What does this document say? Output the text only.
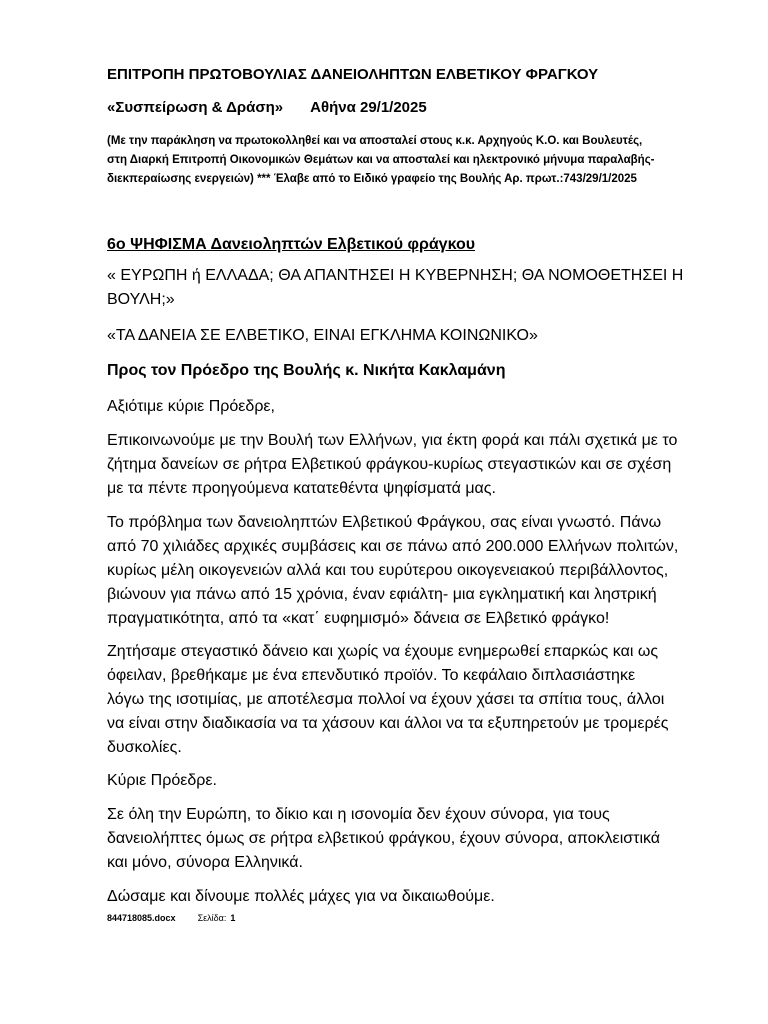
ΕΠΙΤΡΟΠΗ ΠΡΩΤΟΒΟΥΛΙΑΣ ΔΑΝΕΙΟΛΗΠΤΩΝ ΕΛΒΕΤΙΚΟΥ ΦΡΑΓΚΟΥ

«Συσπείρωση & Δράση» Αθήνα 29/1/2025

(Με την παράκληση να πρωτοκολληθεί και να αποσταλεί στους κ.κ. Αρχηγούς Κ.Ο. και Βουλευτές,
στη Διαρκή Επιτροπή Οικονομικών Θεμάτων και να αποσταλεί και ηλεκτρονικό μήνυμα παραλαβής-
διεκπεραίωσης ενεργειών) *** Έλαβε από το Ειδικό γραφείο της Βουλής Αρ. πρωτ.:743/29/1/2025

6ο ΨΗΦΙΣΜΑ Δανειοληπτών Ελβετικού φράγκου

« ΕΥΡΩΠΗ ή ΕΛΛΑΔΑ; ΘΑ ΑΠΑΝΤΗΣΕΙ Η ΚΥΒΕΡΝΗΣΗ; ΘΑ ΝΟΜΟΘΕΤΗΣΕΙ Η
ΒΟΥΛΗ;»
«ΤΑ ΔΑΝΕΙΑ ΣΕ ΕΛΒΕΤΙΚΟ, ΕΙΝΑΙ ΕΓΚΛΗΜΑ ΚΟΙΝΩΝΙΚΟ»
Προς τον Πρόεδρο της Βουλής κ. Νικήτα Κακλαμάνη
Αξιότιμε κύριε Πρόεδρε,
Επικοινωνούμε με την Βουλή των Ελλήνων, για έκτη φορά και πάλι σχετικά με το
ζήτημα δανείων σε ρήτρα Ελβετικού φράγκου-κυρίως στεγαστικών και σε σχέση
με τα πέντε προηγούμενα κατατεθέντα ψηφίσματά μας.
Το πρόβλημα των δανειοληπτών Ελβετικού Φράγκου, σας είναι γνωστό. Πάνω
από 70 χιλιάδες αρχικές συμβάσεις και σε πάνω από 200.000 Ελλήνων πολιτών,
κυρίως μέλη οικογενειών αλλά και του ευρύτερου οικογενειακού περιβάλλοντος,
βιώνουν για πάνω από 15 χρόνια, έναν εφιάλτη- μια εγκληματική και ληστρική
πραγματικότητα, από τα «κατ΄ ευφημισμό» δάνεια σε Ελβετικό φράγκο!
Ζητήσαμε στεγαστικό δάνειο και χωρίς να έχουμε ενημερωθεί επαρκώς και ως
όφειλαν, βρεθήκαμε με ένα επενδυτικό προϊόν. Το κεφάλαιο διπλασιάστηκε
λόγω της ισοτιμίας, με αποτέλεσμα πολλοί να έχουν χάσει τα σπίτια τους, άλλοι
να είναι στην διαδικασία να τα χάσουν και άλλοι να τα εξυπηρετούν με τρομερές
δυσκολίες.
Κύριε Πρόεδρε.
Σε όλη την Ευρώπη, το δίκιο και η ισονομία δεν έχουν σύνορα, για τους
δανειολήπτες όμως σε ρήτρα ελβετικού φράγκου, έχουν σύνορα, αποκλειστικά
και μόνο, σύνορα Ελληνικά.
Δώσαμε και δίνουμε πολλές μάχες για να δικαιωθούμε.

844718085.docx Σελίδα: 1
